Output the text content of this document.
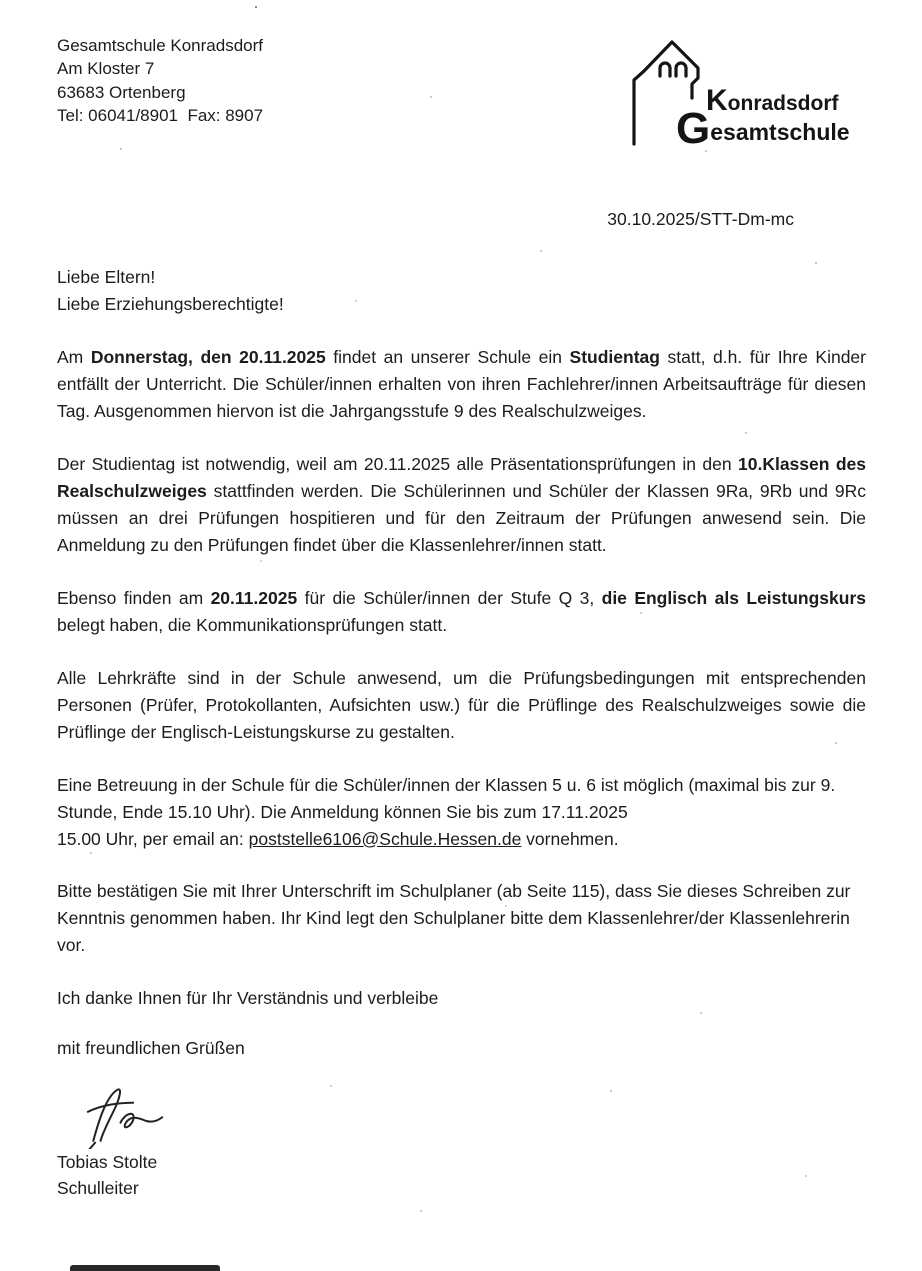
Gesamtschule Konradsdorf
Am Kloster 7
63683 Ortenberg
Tel: 06041/8901  Fax: 8907	Konradsdorf
Gesamtschule
30.10.2025/STT-Dm-mc
Liebe Eltern!
Liebe Erziehungsberechtigte!

Am Donnerstag, den 20.11.2025 findet an unserer Schule ein Studientag statt, d.h. für Ihre Kinder entfällt der Unterricht. Die Schüler/innen erhalten von ihren Fachlehrer/innen Arbeitsaufträge für diesen Tag. Ausgenommen hiervon ist die Jahrgangsstufe 9 des Realschulzweiges.

Der Studientag ist notwendig, weil am 20.11.2025 alle Präsentationsprüfungen in den 10.Klassen des Realschulzweiges stattfinden werden. Die Schülerinnen und Schüler der Klassen 9Ra, 9Rb und 9Rc müssen an drei Prüfungen hospitieren und für den Zeitraum der Prüfungen anwesend sein. Die Anmeldung zu den Prüfungen findet über die Klassenlehrer/innen statt.

Ebenso finden am 20.11.2025 für die Schüler/innen der Stufe Q 3, die Englisch als Leistungskurs belegt haben, die Kommunikationsprüfungen statt.

Alle Lehrkräfte sind in der Schule anwesend, um die Prüfungsbedingungen mit entsprechenden Personen (Prüfer, Protokollanten, Aufsichten usw.) für die Prüflinge des Realschulzweiges sowie die Prüflinge der Englisch-Leistungskurse zu gestalten.

Eine Betreuung in der Schule für die Schüler/innen der Klassen 5 u. 6 ist möglich (maximal bis zur 9. Stunde, Ende 15.10 Uhr). Die Anmeldung können Sie bis zum 17.11.2025
15.00 Uhr, per email an: poststelle6106@Schule.Hessen.de vornehmen.

Bitte bestätigen Sie mit Ihrer Unterschrift im Schulplaner (ab Seite 115), dass Sie dieses Schreiben zur Kenntnis genommen haben. Ihr Kind legt den Schulplaner bitte dem Klassenlehrer/der Klassenlehrerin vor.

Ich danke Ihnen für Ihr Verständnis und verbleibe

mit freundlichen Grüßen

Tobias Stolte
Schulleiter
